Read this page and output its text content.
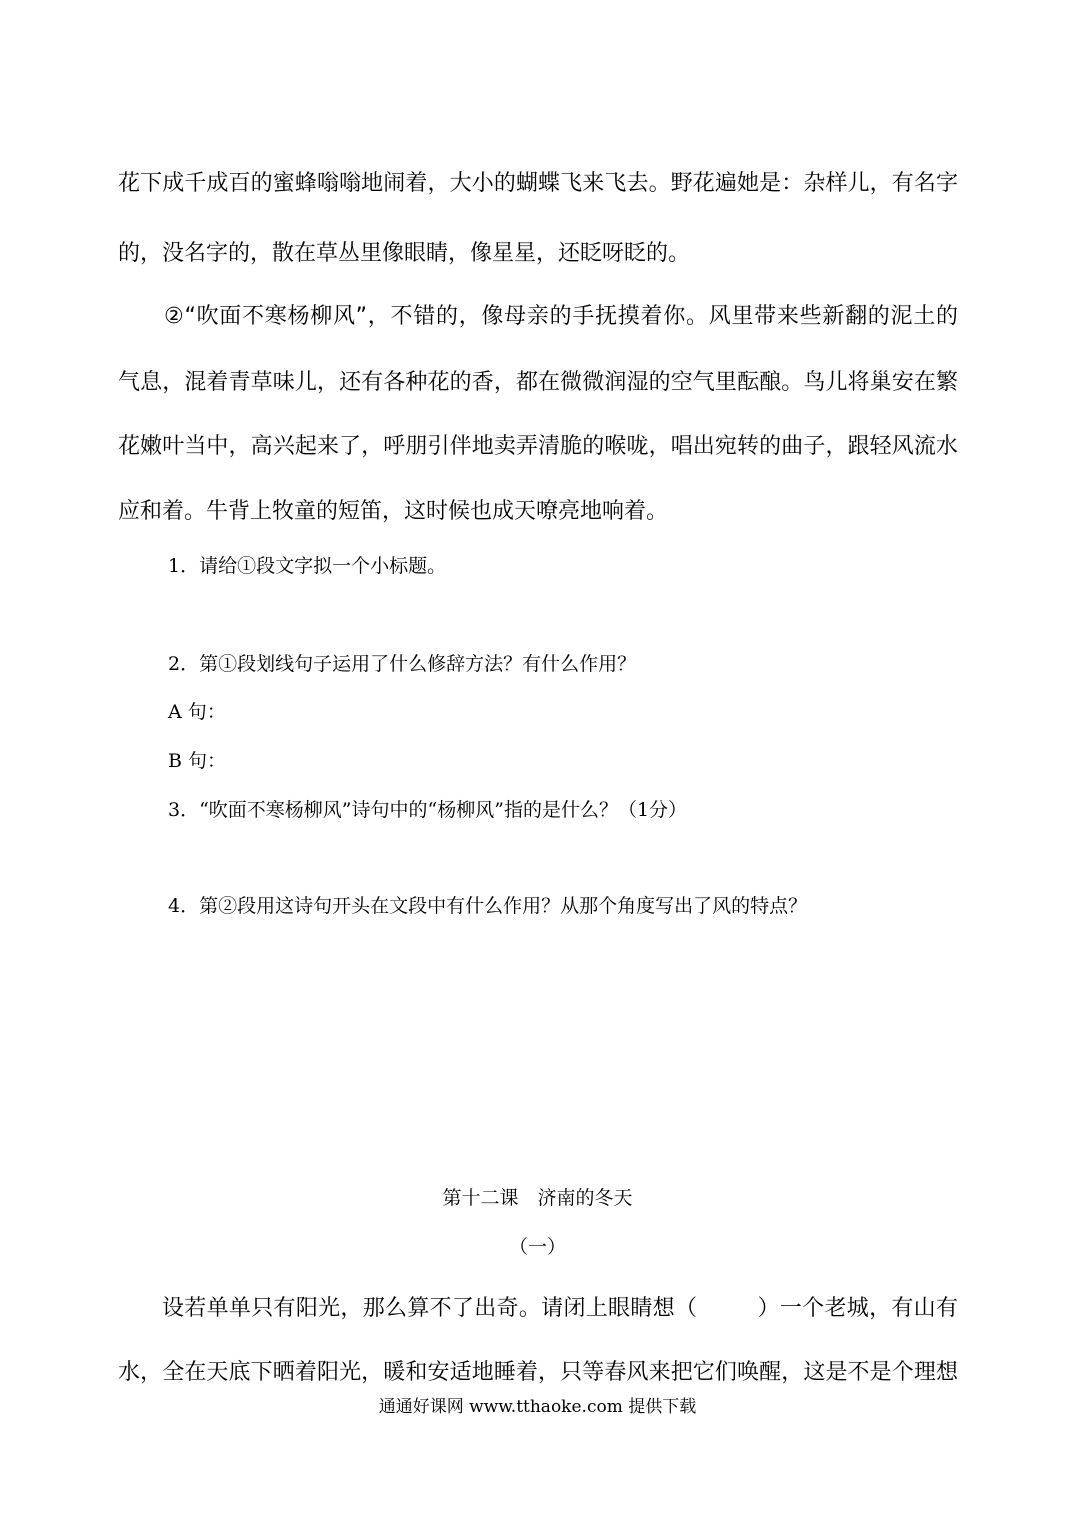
花下成千成百的蜜蜂嗡嗡地闹着，大小的蝴蝶飞来飞去。野花遍她是：杂样儿，有名字
的，没名字的，散在草丛里像眼睛，像星星，还眨呀眨的。
②“吹面不寒杨柳风”，不错的，像母亲的手抚摸着你。风里带来些新翻的泥土的
气息，混着青草味儿，还有各种花的香，都在微微润湿的空气里酝酿。鸟儿将巢安在繁
花嫩叶当中，高兴起来了，呼朋引伴地卖弄清脆的喉咙，唱出宛转的曲子，跟轻风流水
应和着。牛背上牧童的短笛，这时候也成天嘹亮地响着。
1．请给①段文字拟一个小标题。
2．第①段划线句子运用了什么修辞方法？有什么作用？
A 句：
B 句：
3．“吹面不寒杨柳风”诗句中的“杨柳风”指的是什么？（1分）
4．第②段用这诗句开头在文段中有什么作用？从那个角度写出了风的特点？
第十二课　济南的冬天
（一）
设若单单只有阳光，那么算不了出奇。请闭上眼睛想（	）一个老城，有山有
水，全在天底下晒着阳光，暖和安适地睡着，只等春风来把它们唤醒，这是不是个理想
通通好课网 www.tthaoke.com 提供下载
